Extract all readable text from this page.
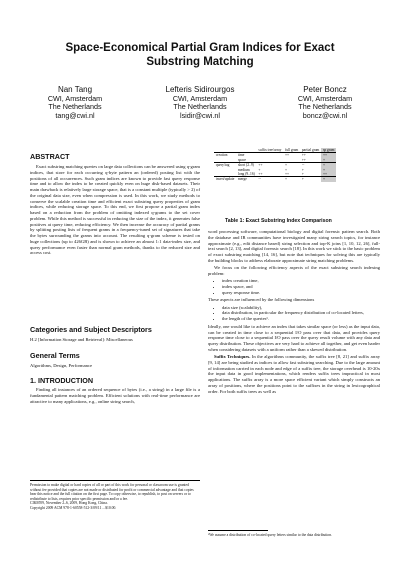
Space-Economical Partial Gram Indices for Exact
Substring Matching
Nan Tang
CWI, Amsterdam
The Netherlands
tang@cwi.nl
Lefteris Sidirourgos
CWI, Amsterdam
The Netherlands
lsidir@cwi.nl
Peter Boncz
CWI, Amsterdam
The Netherlands
boncz@cwi.nl
ABSTRACT

Exact substring matching queries on large data collections can be answered using q-gram indices, that store for each occurring q-byte pattern an (ordered) posting list with the positions of all occurrences. Such gram indices are known to provide fast query response time and to allow the index to be created quickly even on huge disk-based datasets. Their main drawback is relatively large storage space, that is a constant multiple (typically > 2) of the original data size, even when compression is used. In this work, we study methods to conserve the scalable creation time and efficient exact substring query properties of gram indices, while reducing storage space. To this end, we first propose a partial gram index based on a reduction from the problem of omitting indexed q-grams to the set cover problem. While this method is successful in reducing the size of the index, it generates false positives at query time, reducing efficiency. We then increase the accuracy of partial grams by splitting posting lists of frequent grams in a frequency-tuned set of signatures that take the bytes surrounding the grams into account. The resulting q-gram scheme is tested on huge collections (up to 426GB) and is shown to achieve an almost 1:1 data-index size, and query performance even faster than normal gram methods, thanks to the reduced size and access cost.

Categories and Subject Descriptors
H.2 [Information Storage and Retrieval]: Miscellaneous
General Terms
Algorithms, Design, Performance
1. INTRODUCTION

Finding all instances of an ordered sequence of bytes (i.e., a string) in a large file is a fundamental pattern matching problem. Efficient solutions with real-time performance are attractive to many applications, e.g., online string search,

Permission to make digital or hard copies of all or part of this work for personal or classroom use is granted without fee provided that copies are not made or distributed for profit or commercial advantage and that copies bear this notice and the full citation on the first page. To copy otherwise, to republish, to post on servers or to redistribute to lists, requires prior specific permission and/or a fee.
CIKM'09, November 2–6, 2009, Hong Kong, China.
Copyright 2009 ACM 978-1-60558-512-3/09/11 ...$10.00.
		suffix tree/array	full gram	partial gram	sp gram
creation	time		++	++	++
	space			++	+
query/tag	short (2..9)	++	+	--	+
	medium	+	+	+	+
	long (9..16)	++	++	+	++
insert/update	merge	--	+	+	+
Table 1: Exact Substring Index Comparison

word processing software, computational biology and digital forensic pattern search. Both the database and IR communities have investigated many string search topics, for instance approximate (e.g., edit distance based) string selection and top-K joins [1, 10, 12, 26], full-text search [2, 13], and digital forensic search [18]. In this work we stick to the basic problem of exact substring matching [14, 16], but note that techniques for solving this are typically the building blocks to address elaborate approximate string matching problems.

We focus on the following efficiency aspects of the exact substring search indexing problem:

• index creation time,
• index space, and
• query response time.

These aspects are influenced by the following dimensions

• data size (scalability),
• data distribution, in particular the frequency distribution of co-located letters,
• the length of the queries¹.

Ideally, one would like to achieve an index that takes similar space (or less) as the input data, can be created in time close to a sequential I/O pass over that data, and provides query response time close to a sequential I/O pass over the query result volume with any data and query distribution. These objectives are very hard to achieve all together, and get even harder when considering datasets with a uniform rather than a skewed distribution.

Suffix Techniques. In the algorithms community, the suffix tree [8, 21] and suffix array [9, 14] are being studied as indices to allow fast substring searching. Due to the large amount of information carried in each node and edge of a suffix tree, the storage overhead is 10-20x the input data in good implementations, which renders suffix trees impractical in most applications. The suffix array is a more space efficient variant which simply constructs an array of positions, where the positions point to the suffixes in the string in lexicographical order. For both suffix trees as well as

¹We assume a distribution of co-located query letters similar to the data distribution.
